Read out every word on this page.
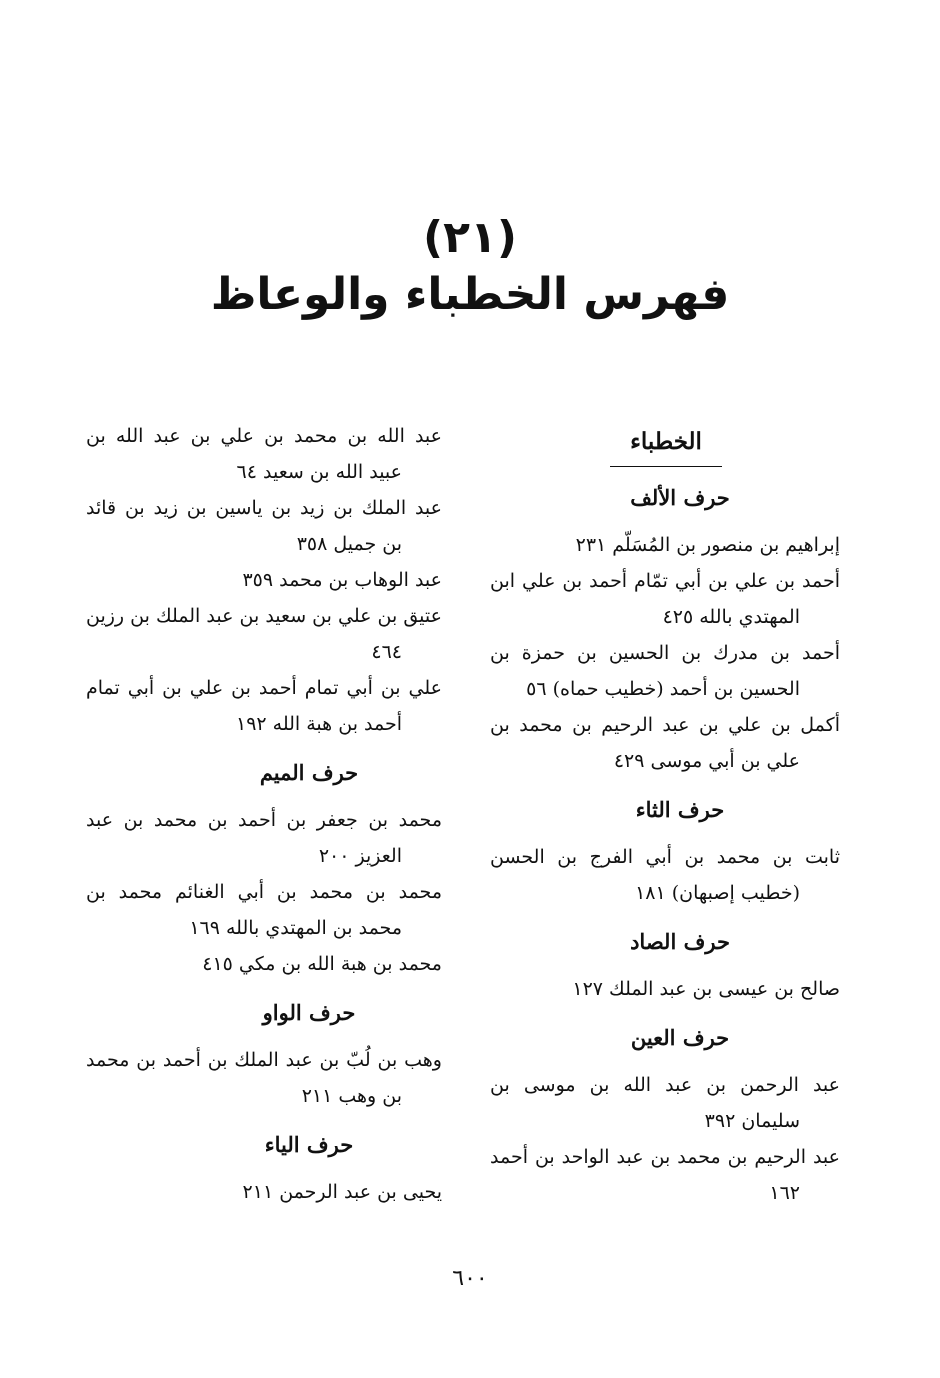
(٢١)
فهرس الخطباء والوعاظ
الخطباء
حرف الألف
إبراهيم بن منصور بن المُسَلّم ٢٣١
أحمد بن علي بن أبي تمّام أحمد بن علي ابن المهتدي بالله ٤٢٥
أحمد بن مدرك بن الحسين بن حمزة بن الحسين بن أحمد (خطيب حماه) ٥٦
أكمل بن علي بن عبد الرحيم بن محمد بن علي بن أبي موسى ٤٢٩
حرف الثاء
ثابت بن محمد بن أبي الفرج بن الحسن (خطيب إصبهان) ١٨١
حرف الصاد
صالح بن عيسى بن عبد الملك ١٢٧
حرف العين
عبد الرحمن بن عبد الله بن موسى بن سليمان ٣٩٢
عبد الرحيم بن محمد بن عبد الواحد بن أحمد ١٦٢
عبد الله بن محمد بن علي بن عبد الله بن عبيد الله بن سعيد ٦٤
عبد الملك بن زيد بن ياسين بن زيد بن قائد بن جميل ٣٥٨
عبد الوهاب بن محمد ٣٥٩
عتيق بن علي بن سعيد بن عبد الملك بن رزين ٤٦٤
علي بن أبي تمام أحمد بن علي بن أبي تمام أحمد بن هبة الله ١٩٢
حرف الميم
محمد بن جعفر بن أحمد بن محمد بن عبد العزيز ٢٠٠
محمد بن محمد بن أبي الغنائم محمد بن محمد بن المهتدي بالله ١٦٩
محمد بن هبة الله بن مكي ٤١٥
حرف الواو
وهب بن لُبّ بن عبد الملك بن أحمد بن محمد بن وهب ٢١١
حرف الياء
يحيى بن عبد الرحمن ٢١١
٦٠٠
